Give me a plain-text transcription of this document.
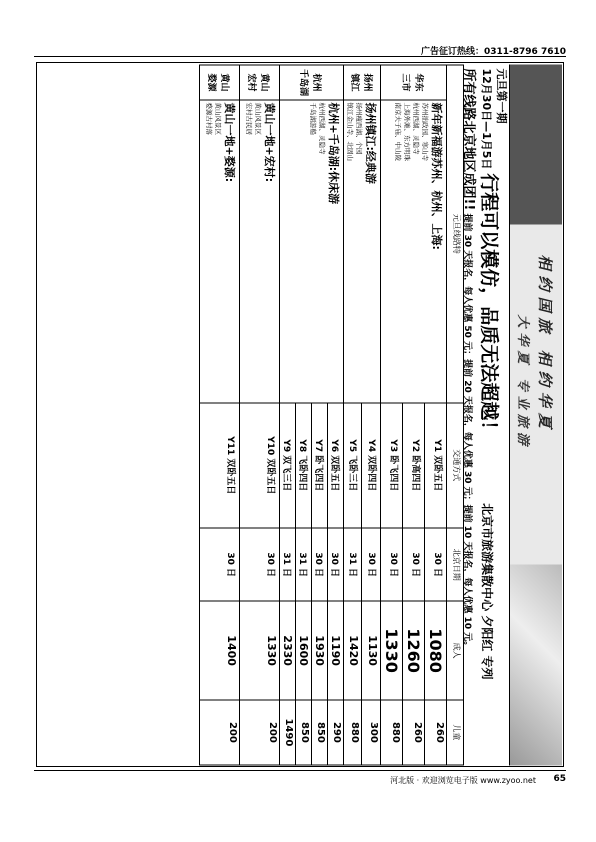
广告征订热线：0311-8796 7610
相约国旅 相约华夏
大华夏 专业旅游
元旦第一期
12月30日—1月5日 行程可以模仿，品质无法超越！ 北京市旅游集散中心 夕阳红 专列
所有线路北京地区成团!! 提前 30 天报名，每人优惠 50 元；提前 20 天报名，每人优惠 30 元；提前 10 天报名，每人优惠 10 元。
元旦线路特		交通方式	北京日期	成人	儿童
华东 三市	新年新福游苏州、杭州、上海:
苏州拙政园、寒山寺
杭州西湖、灵隐寺
上海外滩、东方明珠
南京夫子庙、中山陵	Y1 双卧五日	30 日	1080	260
		Y2 卧高四日	30 日	1260	260
		Y3 卧飞四日	30 日	1330	880
扬州 镇江	扬州镇江:经典游
扬州瘦西湖、个园
镇江金山寺、北固山	Y4 双卧四日	30 日	1130	300
		Y5 飞卧三日	31 日	1420	880
杭州 千岛湖	杭州+千岛湖:休床游
杭州西湖、灵隐寺
千岛湖游船	Y6 双卧五日	30 日	1190	290
		Y7 卧飞四日	30 日	1930	850
		Y8 飞卧四日	31 日	1600	850
		Y9 双飞三日	31 日	2330	1490
黄山 宏村	黄山一地+宏村:
黄山风景区
宏村古民居	Y10 双卧五日	30 日	1330	200
黄山 婺源	黄山一地+婺源:
黄山风景区
婺源古村落	Y11 双卧五日	30 日	1400	200
河北版 · 欢迎浏览电子版 www.zyoo.net 65
